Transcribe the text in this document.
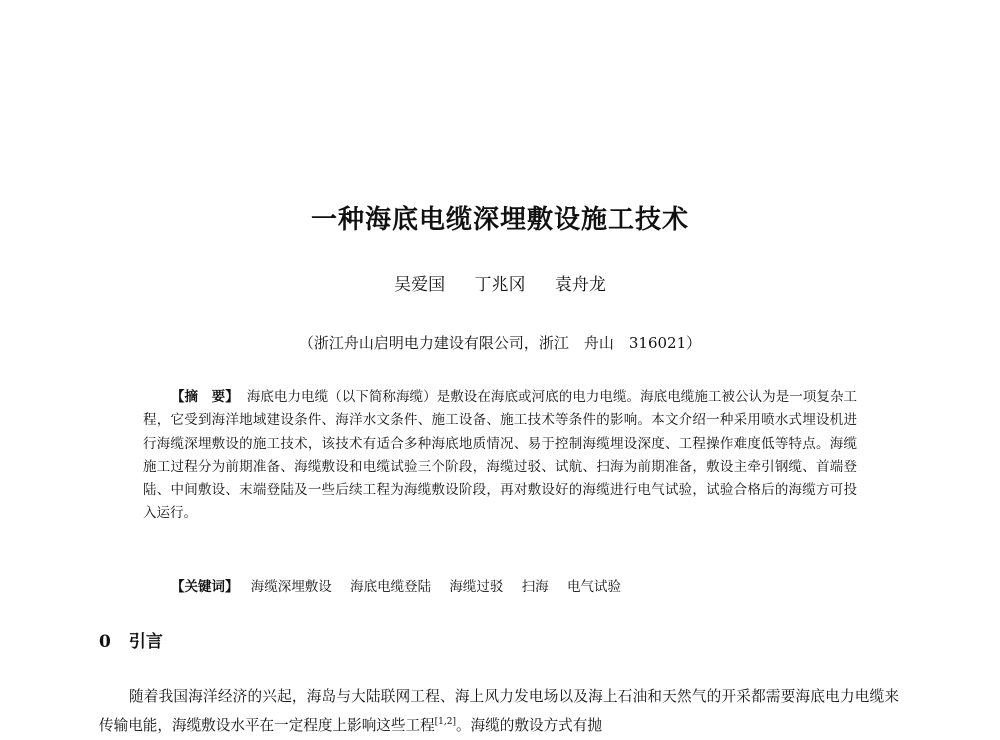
一种海底电缆深埋敷设施工技术
吴爱国 丁兆冈 袁舟龙
（浙江舟山启明电力建设有限公司，浙江　舟山　316021）
【摘　要】 海底电力电缆（以下简称海缆）是敷设在海底或河底的电力电缆。海底电缆施工被公认为是一项复杂工程，它受到海洋地域建设条件、海洋水文条件、施工设备、施工技术等条件的影响。本文介绍一种采用喷水式埋设机进行海缆深埋敷设的施工技术，该技术有适合多种海底地质情况、易于控制海缆埋设深度、工程操作难度低等特点。海缆施工过程分为前期准备、海缆敷设和电缆试验三个阶段，海缆过驳、试航、扫海为前期准备，敷设主牵引钢缆、首端登陆、中间敷设、末端登陆及一些后续工程为海缆敷设阶段，再对敷设好的海缆进行电气试验，试验合格后的海缆方可投入运行。
【关键词】 海缆深埋敷设 海底电缆登陆 海缆过驳 扫海 电气试验
0 引言
随着我国海洋经济的兴起，海岛与大陆联网工程、海上风力发电场以及海上石油和天然气的开采都需要海底电力电缆来传输电能，海缆敷设水平在一定程度上影响这些工程[1,2]。海缆的敷设方式有抛
